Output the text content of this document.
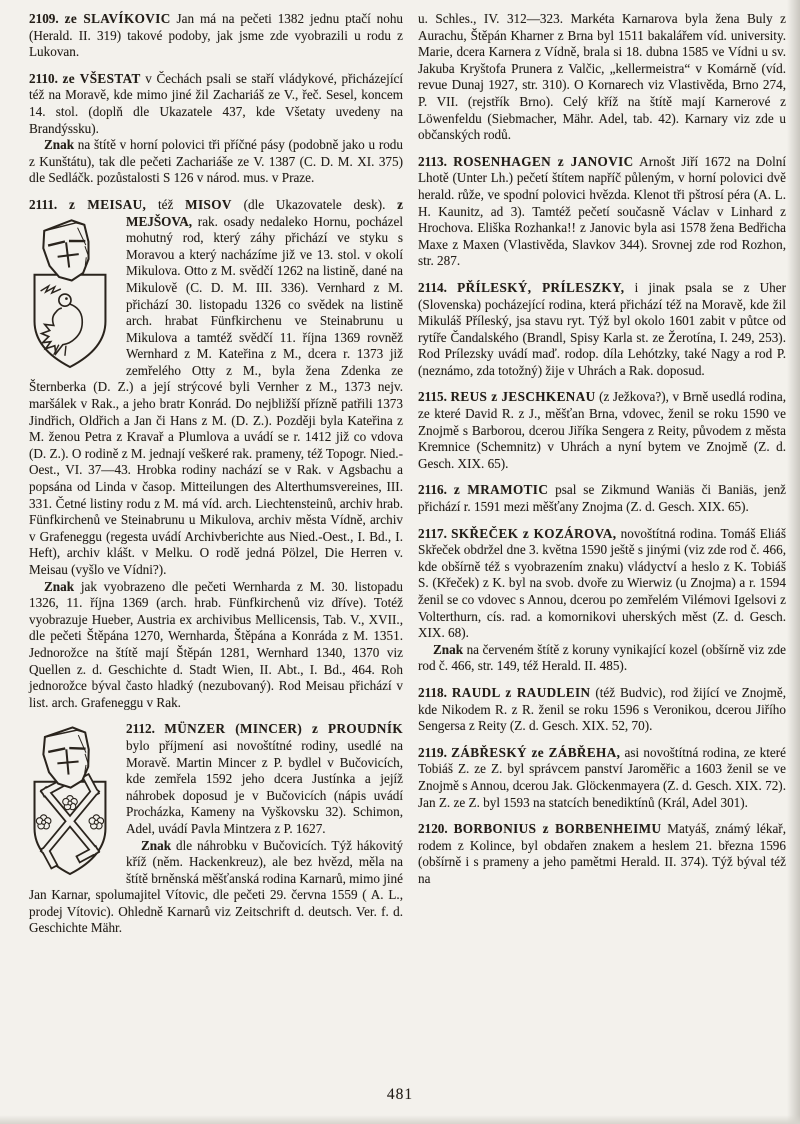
2109. ze SLAVÍKOVIC Jan má na pečeti 1382 jednu ptačí nohu (Herald. II. 319) takové podoby, jak jsme zde vyobrazili u rodu z Lukovan.

2110. ze VŠESTAT v Čechách psali se staří vládykové, přicházející též na Moravě, kde mimo jiné žil Zachariáš ze V., řeč. Sesel, koncem 14. stol. (doplň dle Ukazatele 437, kde Všetaty uvedeny na Brandýssku).

Znak na štítě v horní polovici tři příčné pásy (podobně jako u rodu z Kunštátu), tak dle pečeti Zachariáše ze V. 1387 (C. D. M. XI. 375) dle Sedláčk. pozůstalosti S 126 v národ. mus. v Praze.

2111. z MEISAU, též MISOV (dle Ukazovatele desk). z MEJŠOVA, rak. osady nedaleko Hornu, pocházel mohutný rod, který záhy přichází ve styku s Moravou a který nacházíme již ve 13. stol. v okolí Mikulova. Otto z M. svědčí 1262 na listině, dané na Mikulově (C. D. M. III. 336). Vernhard z M. přichází 30. listopadu 1326 co svědek na listině arch. hrabat Fünfkirchenu ve Steinabrunu u Mikulova a tamtéž svědčí 11. října 1369 rovněž Wernhard z M. Kateřina z M., dcera r. 1373 již zemřelého Otty z M., byla žena Zdenka ze Šternberka (D. Z.) a její strýcové byli Vernher z M., 1373 nejv. maršálek v Rak., a jeho bratr Konrád. Do nejbližší přízně patřili 1373 Jindřich, Oldřich a Jan či Hans z M. (D. Z.). Později byla Kateřina z M. ženou Petra z Kravař a Plumlova a uvádí se r. 1412 již co vdova (D. Z.). O rodině z M. jednají veškeré rak. prameny, též Topogr. Nied.-Oest., VI. 37—43. Hrobka rodiny nachází se v Rak. v Agsbachu a popsána od Linda v časop. Mitteilungen des Alterthumsvereines, III. 331. Četné listiny rodu z M. má víd. arch. Liechtensteinů, archiv hrab. Fünfkirchenů ve Steinabrunu u Mikulova, archiv města Vídně, archiv v Grafeneggu (regesta uvádí Archivberichte aus Nied.-Oest., I. Bd., I. Heft), archiv klášt. v Melku. O rodě jedná Pölzel, Die Herren v. Meisau (vyšlo ve Vídni?).

Znak jak vyobrazeno dle pečeti Wernharda z M. 30. listopadu 1326, 11. října 1369 (arch. hrab. Fünfkirchenů viz dříve). Totéž vyobrazuje Hueber, Austria ex archivibus Mellicensis, Tab. V., XVII., dle pečeti Štěpána 1270, Wernharda, Štěpána a Konráda z M. 1351. Jednorožce na štítě mají Štěpán 1281, Wernhard 1340, 1370 viz Quellen z. d. Geschichte d. Stadt Wien, II. Abt., I. Bd., 464. Roh jednorožce býval často hladký (nezubovaný). Rod Meisau přichází v list. arch. Grafeneggu v Rak.

2112. MÜNZER (MINCER) z PROUDNÍK
bylo příjmení asi novoštítné rodiny, usedlé na Moravě. Martin Mincer z P. bydlel v Bučovicích, kde zemřela 1592 jeho dcera Justínka a jejíž náhrobek doposud je v Bučovicích (nápis uvádí Procházka, Kameny na Vyškovsku 32). Schimon, Adel, uvádí Pavla Mintzera z P. 1627.

Znak dle náhrobku v Bučovicích. Týž hákovitý kříž (něm. Hackenkreuz), ale bez hvězd, měla na štítě brněnská měšťanská rodina Karnarů, mimo jiné Jan Karnar, spolumajitel Vítovic, dle pečeti 29. června 1559 ( A. L., prodej Vítovic). Ohledně Karnarů viz Zeitschrift d. deutsch. Ver. f. d. Geschichte Mähr.

u. Schles., IV. 312—323. Markéta Karnarova byla žena Buly z Aurachu, Štěpán Kharner z Brna byl 1511 bakalářem víd. university. Marie, dcera Karnera z Vídně, brala si 18. dubna 1585 ve Vídni u sv. Jakuba Kryštofa Prunera z Valčic, „kellermeistra“ v Komárně (víd. revue Dunaj 1927, str. 310). O Kornarech viz Vlastivěda, Brno 274, P. VII. (rejstřík Brno). Celý kříž na štítě mají Karnerové z Löwenfeldu (Siebmacher, Mähr. Adel, tab. 42). Karnary viz zde u občanských rodů.

2113. ROSENHAGEN z JANOVIC Arnošt Jiří 1672 na Dolní Lhotě (Unter Lh.) pečetí štítem napříč půleným, v horní polovici dvě herald. růže, ve spodní polovici hvězda. Klenot tři pštrosí péra (A. L. H. Kaunitz, ad 3). Tamtéž pečetí současně Václav v Linhard z Hrochova. Eliška Rozhanka!! z Janovic byla asi 1578 žena Bedřicha Maxe z Maxen (Vlastivěda, Slavkov 344). Srovnej zde rod Rozhon, str. 287.

2114. PŘÍLESKÝ, PRÍLESZKY, i jinak psala se z Uher (Slovenska) pocházející rodina, která přichází též na Moravě, kde žil Mikuláš Příleský, jsa stavu ryt. Týž byl okolo 1601 zabit v půtce od rytíře Čandalského (Brandl, Spisy Karla st. ze Žerotína, I. 249, 253). Rod Prílezsky uvádí maď. rodop. díla Lehótzky, také Nagy a rod P. (neznámo, zda totožný) žije v Uhrách a Rak. doposud.

2115. REUS z JESCHKENAU (z Ježkova?), v Brně usedlá rodina, ze které David R. z J., měšťan Brna, vdovec, ženil se roku 1590 ve Znojmě s Barborou, dcerou Jiříka Sengera z Reity, původem z města Kremnice (Schemnitz) v Uhrách a nyní bytem ve Znojmě (Z. d. Gesch. XIX. 65).

2116. z MRAMOTIC psal se Zikmund Waniäs či Baniäs, jenž přichází r. 1591 mezi měšťany Znojma (Z. d. Gesch. XIX. 65).

2117. SKŘEČEK z KOZÁROVA, novoštítná rodina. Tomáš Eliáš Skřeček obdržel dne 3. května 1590 ještě s jinými (viz zde rod č. 466, kde obšírně též s vyobrazením znaku) vládyctví a heslo z K. Tobiáš S. (Křeček) z K. byl na svob. dvoře zu Wierwiz (u Znojma) a r. 1594 ženil se co vdovec s Annou, dcerou po zemřelém Vilémovi Igelsovi z Volterthurn, cís. rad. a komornikovi uherských měst (Z. d. Gesch. XIX. 68).

Znak na červeném štítě z koruny vynikající kozel (obšírně viz zde rod č. 466, str. 149, též Herald. II. 485).

2118. RAUDL z RAUDLEIN (též Budvic), rod žijící ve Znojmě, kde Nikodem R. z R. ženil se roku 1596 s Veronikou, dcerou Jiřího Sengersa z Reity (Z. d. Gesch. XIX. 52, 70).

2119. ZÁBŘESKÝ ze ZÁBŘEHA, asi novoštítná rodina, ze které Tobiáš Z. ze Z. byl správcem panství Jaroměřic a 1603 ženil se ve Znojmě s Annou, dcerou Jak. Glöckenmayera (Z. d. Gesch. XIX. 72). Jan Z. ze Z. byl 1593 na statcích benediktínů (Král, Adel 301).

2120. BORBONIUS z BORBENHEIMU Matyáš, známý lékař, rodem z Kolince, byl obdařen znakem a heslem 21. března 1596 (obšírně i s prameny a jeho pamětmi Herald. II. 374). Týž býval též na

481
